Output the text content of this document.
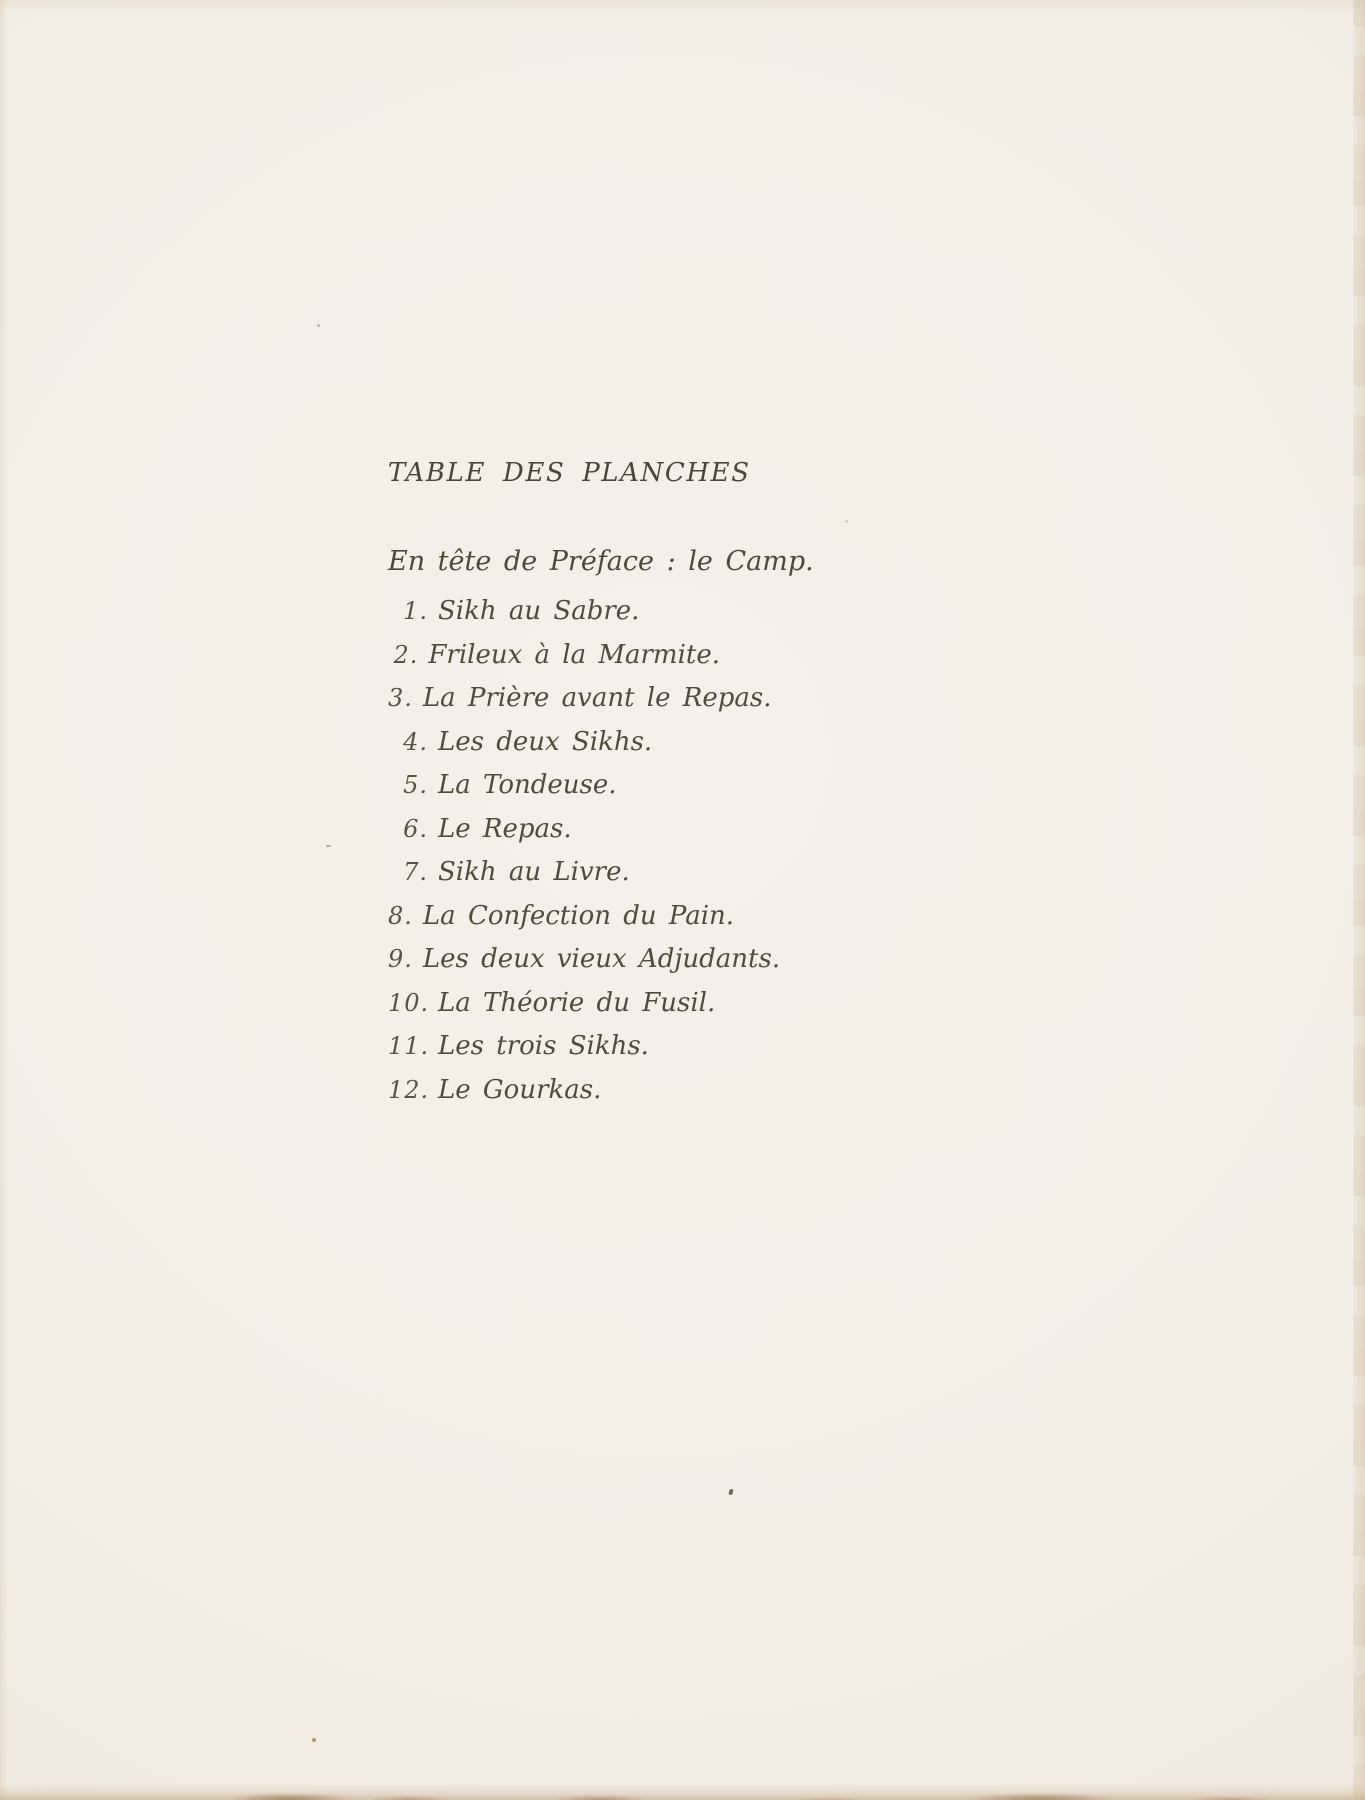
TABLE DES PLANCHES
En tête de Préface : le Camp.
1. Sikh au Sabre.
2. Frileux à la Marmite.
3. La Prière avant le Repas.
4. Les deux Sikhs.
5. La Tondeuse.
6. Le Repas.
7. Sikh au Livre.
8. La Confection du Pain.
9. Les deux vieux Adjudants.
10. La Théorie du Fusil.
11. Les trois Sikhs.
12. Le Gourkas.
